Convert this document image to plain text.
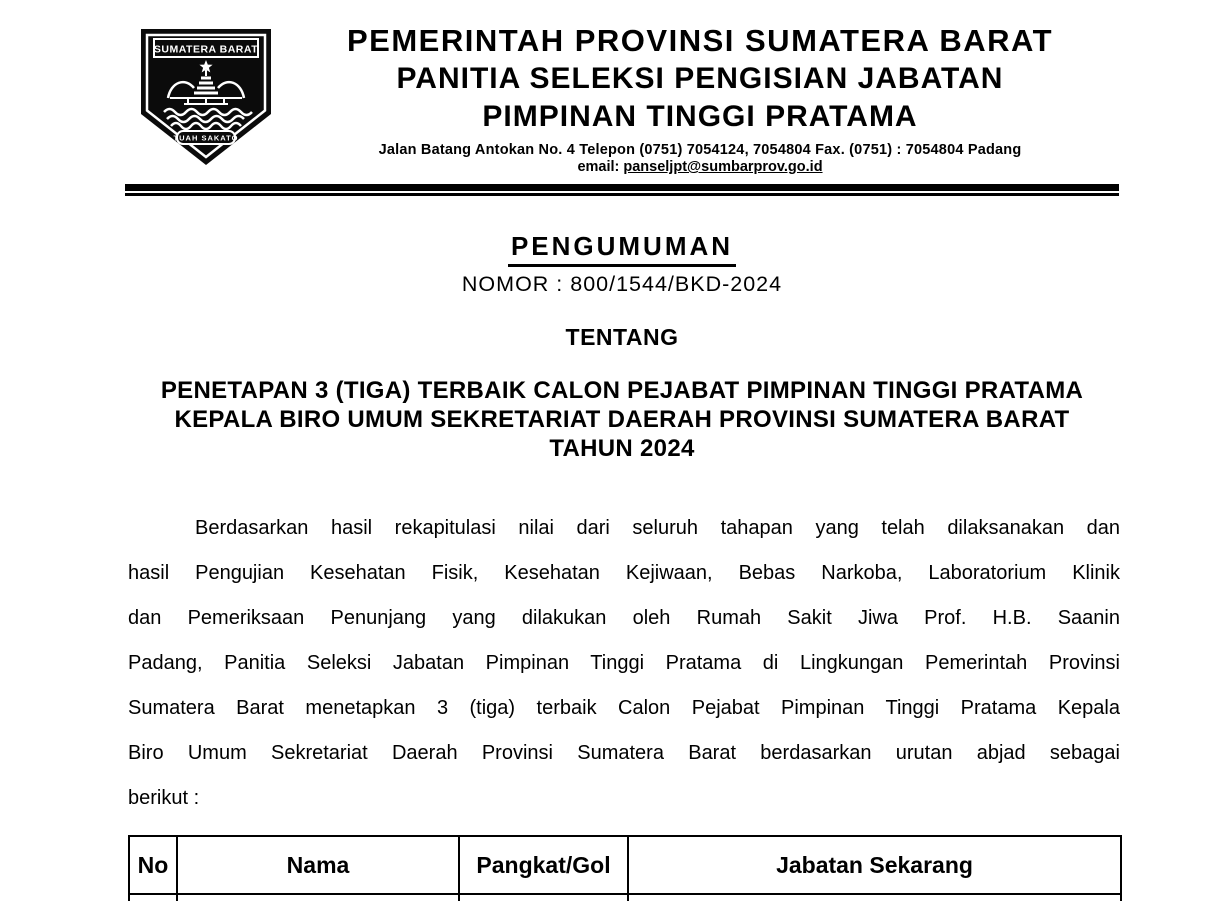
SUMATERA BARAT
TUAH SAKATO
PEMERINTAH PROVINSI SUMATERA BARAT
PANITIA SELEKSI PENGISIAN JABATAN
PIMPINAN TINGGI PRATAMA
Jalan Batang Antokan No. 4 Telepon (0751) 7054124, 7054804 Fax. (0751) : 7054804 Padang
email: panseljpt@sumbarprov.go.id
PENGUMUMAN
NOMOR : 800/1544/BKD-2024
TENTANG
PENETAPAN 3 (TIGA) TERBAIK CALON PEJABAT PIMPINAN TINGGI PRATAMA
KEPALA BIRO UMUM SEKRETARIAT DAERAH PROVINSI SUMATERA BARAT
TAHUN 2024
Berdasarkan hasil rekapitulasi nilai dari seluruh tahapan yang telah dilaksanakan dan
hasil Pengujian Kesehatan Fisik, Kesehatan Kejiwaan, Bebas Narkoba, Laboratorium Klinik
dan Pemeriksaan Penunjang yang dilakukan oleh Rumah Sakit Jiwa Prof. H.B. Saanin
Padang, Panitia Seleksi Jabatan Pimpinan Tinggi Pratama di Lingkungan Pemerintah Provinsi
Sumatera Barat menetapkan 3 (tiga) terbaik Calon Pejabat Pimpinan Tinggi Pratama Kepala
Biro Umum Sekretariat Daerah Provinsi Sumatera Barat berdasarkan urutan abjad sebagai
berikut :
No	Nama	Pangkat/Gol	Jabatan Sekarang
